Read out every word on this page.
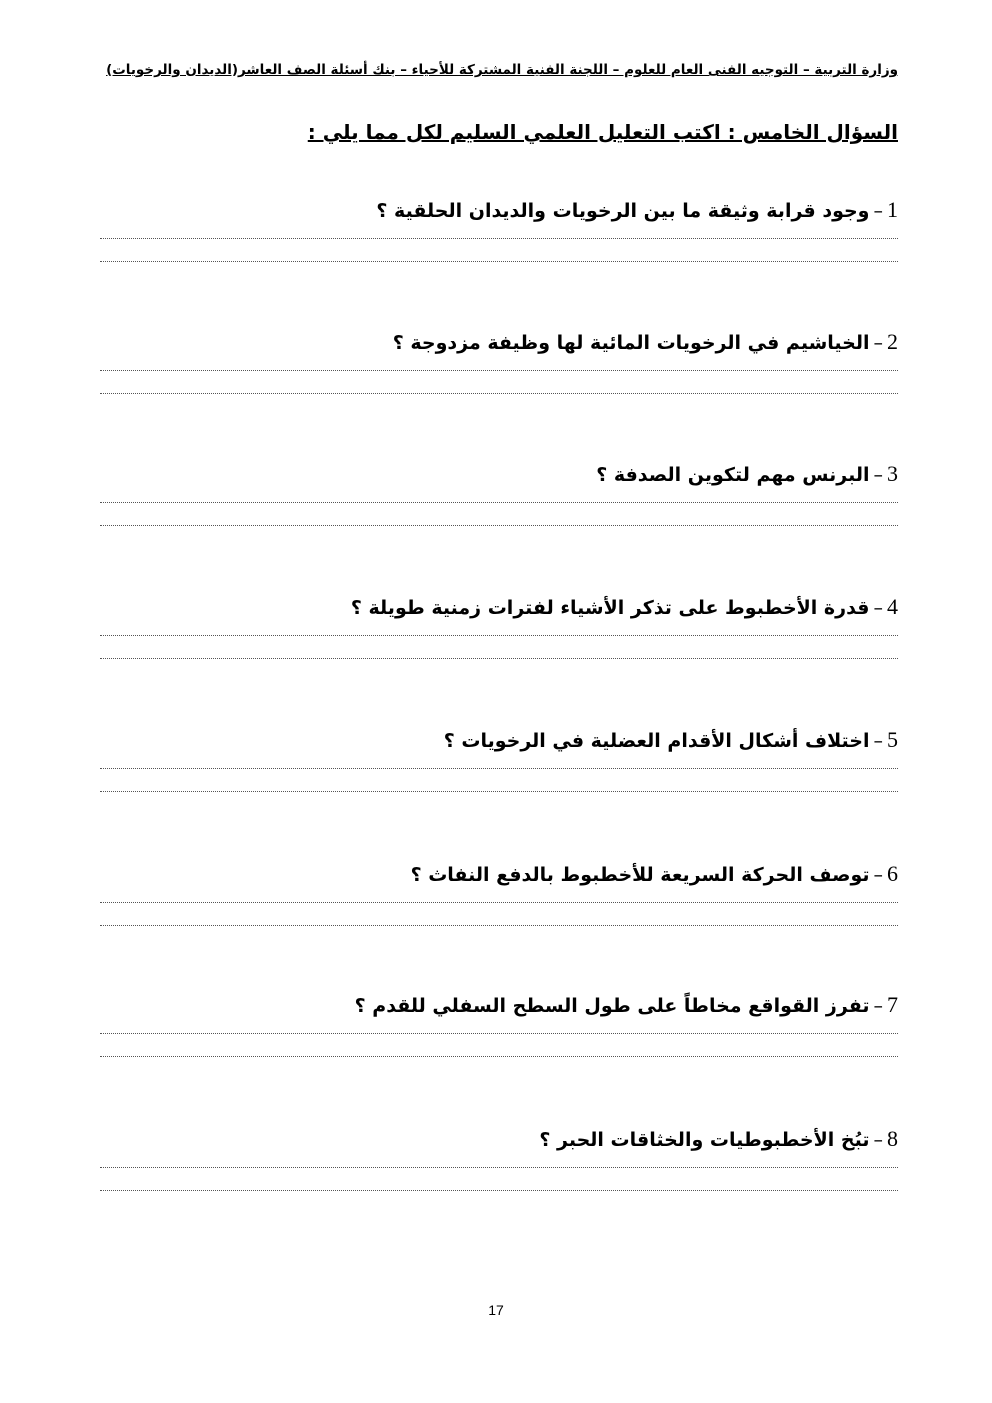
وزارة التربية – التوجيه الفنى العام للعلوم – اللجنة الفنية المشتركة للأحياء – بنك أسئلة الصف العاشر(الديدان والرخويات)
السؤال الخامس : اكتب التعليل العلمي السليم لكل مما يلي :
1–وجود قرابة وثيقة ما بين الرخويات والديدان الحلقية ؟
2–الخياشيم في الرخويات المائية لها وظيفة مزدوجة ؟
3–البرنس مهم لتكوين الصدفة ؟
4–قدرة الأخطبوط على تذكر الأشياء لفترات زمنية طويلة ؟
5–اختلاف أشكال الأقدام العضلية في الرخويات ؟
6–توصف الحركة السريعة للأخطبوط بالدفع النفاث ؟
7–تفرز القواقع مخاطاً على طول السطح السفلي للقدم ؟
8–تبُخ الأخطبوطيات والخثاقات الحبر ؟
17
